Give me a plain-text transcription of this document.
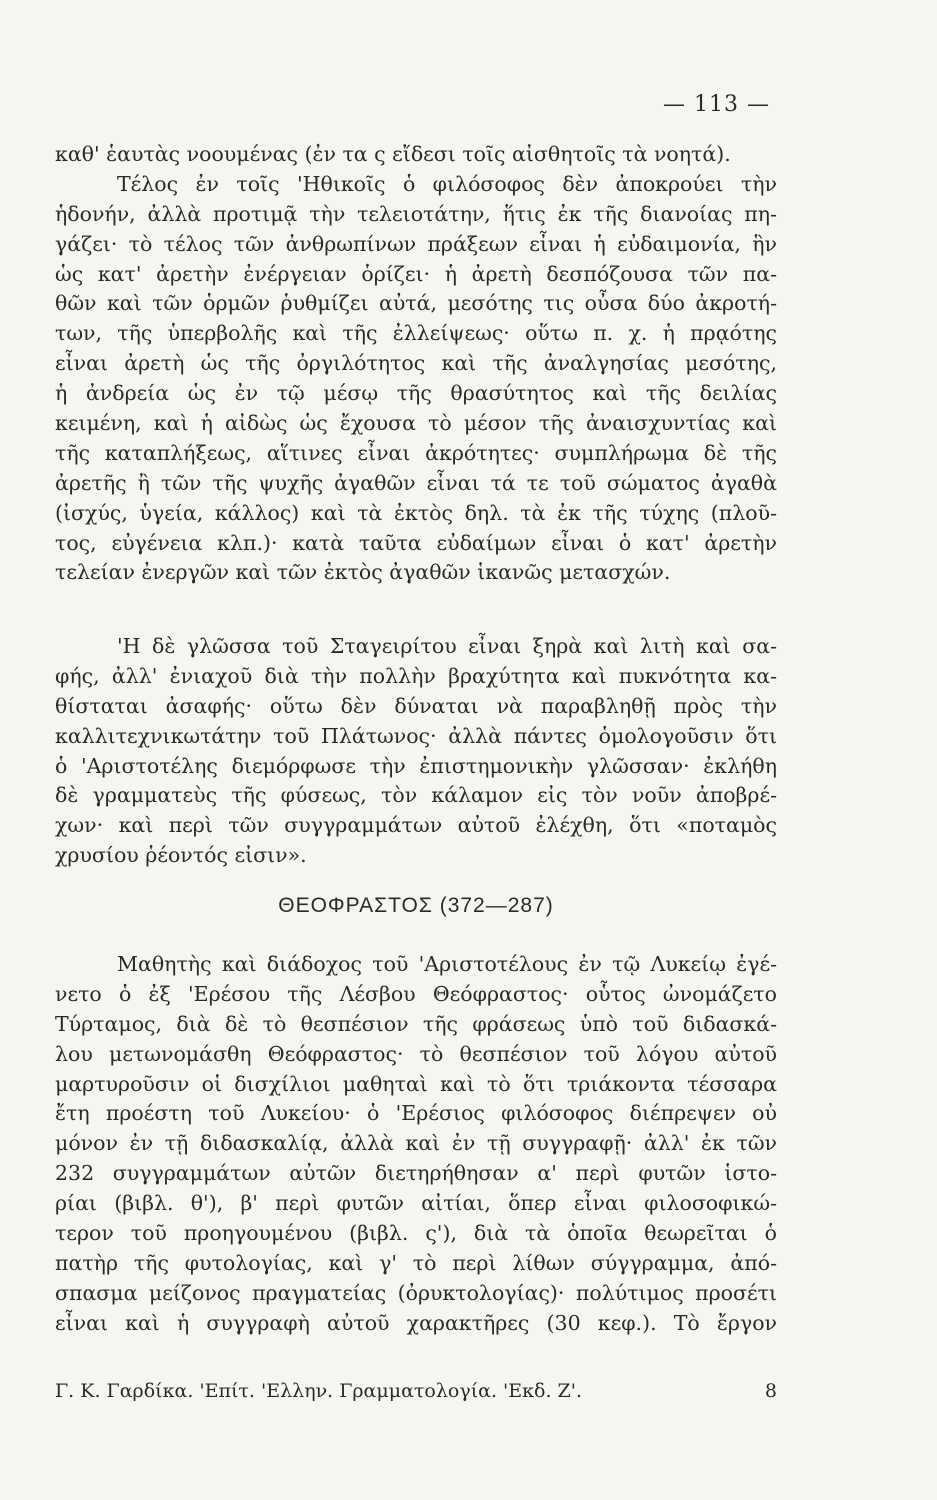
— 113 —
καθ' ἑαυτὰς νοουμένας (ἐν τα ς εἴδεσι τοῖς αἰσθητοῖς τὰ νοητά).
Τέλος ἐν τοῖς 'Ηθικοῖς ὁ φιλόσοφος δὲν ἀποκρούει τὴν
ἡδονήν, ἀλλὰ προτιμᾷ τὴν τελειοτάτην, ἥτις ἐκ τῆς διανοίας πη-
γάζει· τὸ τέλος τῶν ἀνθρωπίνων πράξεων εἶναι ἡ εὐδαιμονία, ἣν
ὡς κατ' ἀρετὴν ἐνέργειαν ὁρίζει· ἡ ἀρετὴ δεσπόζουσα τῶν πα-
θῶν καὶ τῶν ὁρμῶν ῥυθμίζει αὐτά, μεσότης τις οὖσα δύο ἀκροτή-
των, τῆς ὑπερβολῆς καὶ τῆς ἐλλείψεως· οὕτω π. χ. ἡ πρᾳότης
εἶναι ἀρετὴ ὡς τῆς ὀργιλότητος καὶ τῆς ἀναλγησίας μεσότης,
ἡ ἀνδρεία ὡς ἐν τῷ μέσῳ τῆς θρασύτητος καὶ τῆς δειλίας
κειμένη, καὶ ἡ αἰδὼς ὡς ἔχουσα τὸ μέσον τῆς ἀναισχυντίας καὶ
τῆς καταπλήξεως, αἵτινες εἶναι ἀκρότητες· συμπλήρωμα δὲ τῆς
ἀρετῆς ἢ τῶν τῆς ψυχῆς ἀγαθῶν εἶναι τά τε τοῦ σώματος ἀγαθὰ
(ἰσχύς, ὑγεία, κάλλος) καὶ τὰ ἐκτὸς δηλ. τὰ ἐκ τῆς τύχης (πλοῦ-
τος, εὐγένεια κλπ.)· κατὰ ταῦτα εὐδαίμων εἶναι ὁ κατ' ἀρετὴν
τελείαν ἐνεργῶν καὶ τῶν ἐκτὸς ἀγαθῶν ἱκανῶς μετασχών.
'Η δὲ γλῶσσα τοῦ Σταγειρίτου εἶναι ξηρὰ καὶ λιτὴ καὶ σα-
φής, ἀλλ' ἐνιαχοῦ διὰ τὴν πολλὴν βραχύτητα καὶ πυκνότητα κα-
θίσταται ἀσαφής· οὕτω δὲν δύναται νὰ παραβληθῇ πρὸς τὴν
καλλιτεχνικωτάτην τοῦ Πλάτωνος· ἀλλὰ πάντες ὁμολογοῦσιν ὅτι
ὁ 'Αριστοτέλης διεμόρφωσε τὴν ἐπιστημονικὴν γλῶσσαν· ἐκλήθη
δὲ γραμματεὺς τῆς φύσεως, τὸν κάλαμον εἰς τὸν νοῦν ἀποβρέ-
χων· καὶ περὶ τῶν συγγραμμάτων αὐτοῦ ἐλέχθη, ὅτι «ποταμὸς
χρυσίου ῥέοντός εἰσιν».
ΘΕΟΦΡΑΣΤΟΣ (372—287)
Μαθητὴς καὶ διάδοχος τοῦ 'Αριστοτέλους ἐν τῷ Λυκείῳ ἐγέ-
νετο ὁ ἐξ 'Ερέσου τῆς Λέσβου Θεόφραστος· οὗτος ὠνομάζετο
Τύρταμος, διὰ δὲ τὸ θεσπέσιον τῆς φράσεως ὑπὸ τοῦ διδασκά-
λου μετωνομάσθη Θεόφραστος· τὸ θεσπέσιον τοῦ λόγου αὐτοῦ
μαρτυροῦσιν οἱ δισχίλιοι μαθηταὶ καὶ τὸ ὅτι τριάκοντα τέσσαρα
ἔτη προέστη τοῦ Λυκείου· ὁ 'Ερέσιος φιλόσοφος διέπρεψεν οὐ
μόνον ἐν τῇ διδασκαλίᾳ, ἀλλὰ καὶ ἐν τῇ συγγραφῇ· ἀλλ' ἐκ τῶν
232 συγγραμμάτων αὐτῶν διετηρήθησαν α' περὶ φυτῶν ἱστο-
ρίαι (βιβλ. θ'), β' περὶ φυτῶν αἰτίαι, ὅπερ εἶναι φιλοσοφικώ-
τερον τοῦ προηγουμένου (βιβλ. ς'), διὰ τὰ ὁποῖα θεωρεῖται ὁ
πατὴρ τῆς φυτολογίας, καὶ γ' τὸ περὶ λίθων σύγγραμμα, ἀπό-
σπασμα μείζονος πραγματείας (ὀρυκτολογίας)· πολύτιμος προσέτι
εἶναι καὶ ἡ συγγραφὴ αὐτοῦ χαρακτῆρες (30 κεφ.). Τὸ ἔργον
Γ. Κ. Γαρδίκα. 'Επίτ. 'Ελλην. Γραμματολογία. 'Εκδ. Ζ'.	8
